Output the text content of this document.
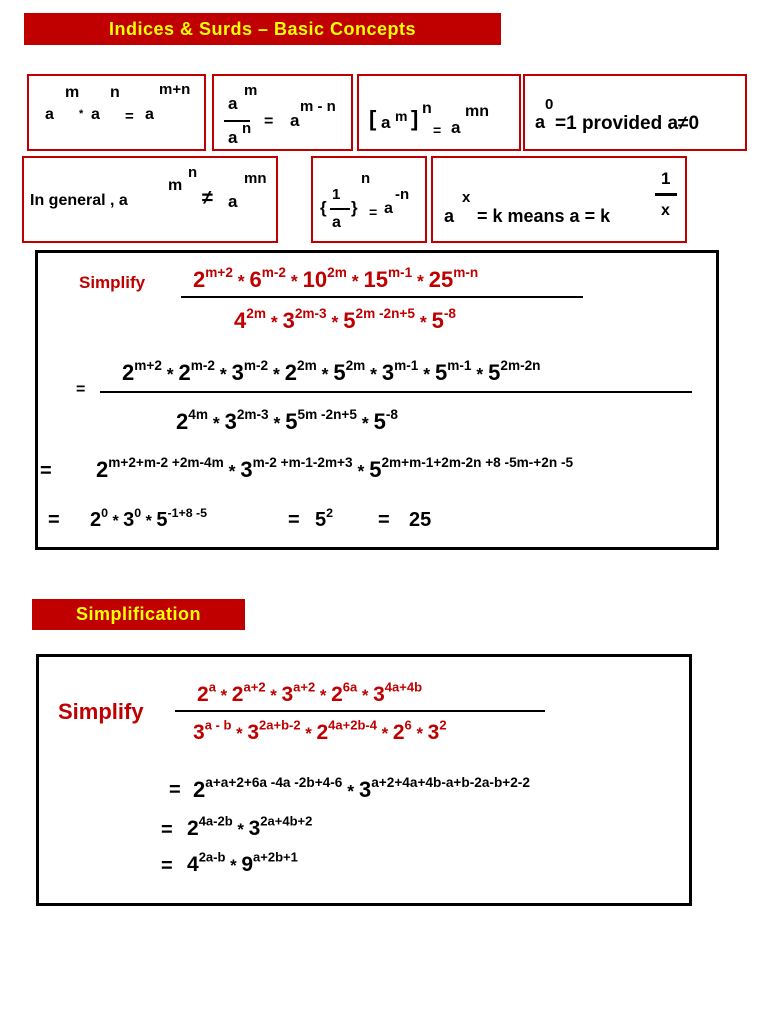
Indices & Surds – Basic Concepts
a
m
* a
n
= a
m+n
a
m
a n = a
m - n [ a m ] n
= a
mn
a
0
=1 provided a≠0
In general , a
m
n
≠ a
mn
{
1
a
}
n
= a
-n
a
x
= k means a = k
1
x
Simplify $2^{m+2} * 6^{m-2} * 10^{2m} * 15^{m-1} * 25^{m-n}$
$4^{2m} * 3^{2m-3} * 5^{2m -2n+5} * 5^{-8}$
=
$2^{m+2} * 2^{m-2} * 3^{m-2} * 2^{2m} * 5^{2m} * 3^{m-1} * 5^{m-1} * 5^{2m-2n}$
$2^{4m} * 3^{2m-3} * 5^{5m -2n+5} * 5^{-8}$
= $2^{m+2+m-2 +2m-4m} * 3^{m-2 +m-1-2m+3} * 5^{2m+m-1+2m-2n +8 -5m-+2n -5}$
= $2^0 * 3^0 * 5^{-1+8 -5}$	= $5^2 = 25$
Simplification
Simplify
$2^a * 2^{a+2} * 3^{a+2} * 2^{6a} * 3^{4a+4b}$
$3^{a - b} * 3^{2a+b-2} * 2^{4a+2b-4} * 2^6 * 3^2$
= $2^{a+a+2+6a -4a -2b+4-6} * 3^{a+2+4a+4b-a+b-2a-b+2-2}$
= $2^{4a-2b} * 3^{2a+4b+2}$
= $4^{2a-b} * 9^{a+2b+1}$
